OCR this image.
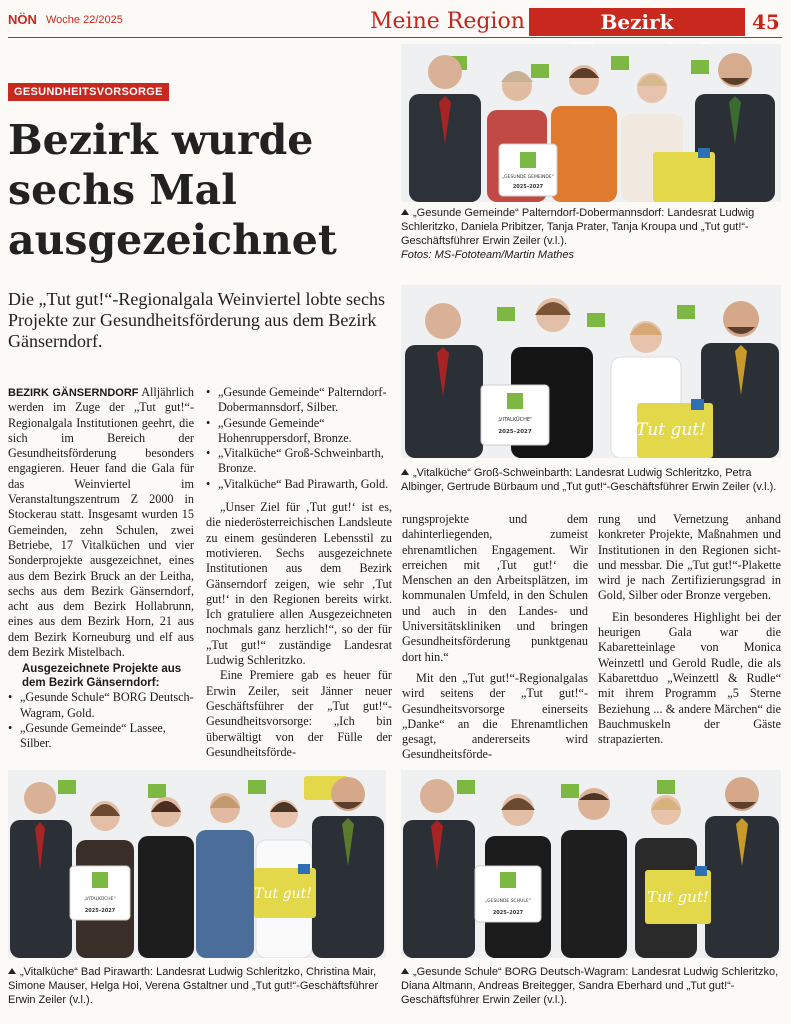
NÖN Woche 22/2025	Meine Region	Bezirk	45
GESUNDHEITSVORSORGE
Bezirk wurde sechs Mal ausgezeichnet

Die „Tut gut!“-Regionalgala Weinviertel lobte sechs Projekte zur Gesundheitsförderung aus dem Bezirk Gänserndorf.

BEZIRK GÄNSERNDORF Alljährlich werden im Zuge der „Tut gut!“-Regionalgala Institutionen geehrt, die sich im Bereich der Gesundheitsförderung besonders engagieren. Heuer fand die Gala für das Weinviertel im Veranstaltungszentrum Z 2000 in Stockerau statt. Insgesamt wurden 15 Gemeinden, zehn Schulen, zwei Betriebe, 17 Vitalküchen und vier Sonderprojekte ausgezeichnet, eines aus dem Bezirk Bruck an der Leitha, sechs aus dem Bezirk Gänserndorf, acht aus dem Bezirk Hollabrunn, eines aus dem Bezirk Horn, 21 aus dem Bezirk Korneuburg und elf aus dem Bezirk Mistelbach.

Ausgezeichnete Projekte aus dem Bezirk Gänserndorf:

• „Gesunde Schule“ BORG Deutsch-Wagram, Gold.
• „Gesunde Gemeinde“ Lassee, Silber.
• „Gesunde Gemeinde“ Palterndorf-Dobermannsdorf, Silber.
• „Gesunde Gemeinde“ Hohenruppersdorf, Bronze.
• „Vitalküche“ Groß-Schweinbarth, Bronze.
• „Vitalküche“ Bad Pirawarth, Gold.

„Unser Ziel für ‚Tut gut!‘ ist es, die niederösterreichischen Landsleute zu einem gesünderen Lebensstil zu motivieren. Sechs ausgezeichnete Institutionen aus dem Bezirk Gänserndorf zeigen, wie sehr ‚Tut gut!‘ in den Regionen bereits wirkt. Ich gratuliere allen Ausgezeichneten nochmals ganz herzlich!“, so der für „Tut gut!“ zuständige Landesrat Ludwig Schleritzko.

Eine Premiere gab es heuer für Erwin Zeiler, seit Jänner neuer Geschäftsführer der „Tut gut!“-Gesundheitsvorsorge: „Ich bin überwältigt von der Fülle der Gesundheitsförde-

rungsprojekte und dem dahinterliegenden, zumeist ehrenamtlichen Engagement. Wir erreichen mit ‚Tut gut!‘ die Menschen an den Arbeitsplätzen, im kommunalen Umfeld, in den Schulen und auch in den Landes- und Universitätskliniken und bringen Gesundheitsförderung punktgenau dort hin.“

Mit den „Tut gut!“-Regionalgalas wird seitens der „Tut gut!“-Gesundheitsvorsorge einerseits „Danke“ an die Ehrenamtlichen gesagt, andererseits wird Gesundheitsförde-

rung und Vernetzung anhand konkreter Projekte, Maßnahmen und Institutionen in den Regionen sicht- und messbar. Die „Tut gut!“-Plakette wird je nach Zertifizierungsgrad in Gold, Silber oder Bronze vergeben.

Ein besonderes Highlight bei der heurigen Gala war die Kabaretteinlage von Monica Weinzettl und Gerold Rudle, die als Kabarettduo „Weinzettl & Rudle“ mit ihrem Programm „5 Sterne Beziehung ... & andere Märchen“ die Bauchmuskeln der Gäste strapazierten.

„GESUNDE GEMEINDE“
2025–2027
„Gesunde Gemeinde“ Palterndorf-Dobermannsdorf: Landesrat Ludwig Schleritzko, Daniela Pribitzer, Tanja Prater, Tanja Kroupa und „Tut gut!“-Geschäftsführer Erwin Zeiler (v.l.).
Fotos: MS-Fototeam/Martin Mathes
„VITALKÜCHE“
2025–2027	Tut gut!
„Vitalküche“ Groß-Schweinbarth: Landesrat Ludwig Schleritzko, Petra Albinger, Gertrude Bürbaum und „Tut gut!“-Geschäftsführer Erwin Zeiler (v.l.).
„VITALKÜCHE“
2025–2027
Tut gut!
„Vitalküche“ Bad Pirawarth: Landesrat Ludwig Schleritzko, Christina Mair, Simone Mauser, Helga Hoi, Verena Gstaltner und „Tut gut!“-Geschäftsführer Erwin Zeiler (v.l.).
„GESUNDE SCHULE“
2025–2027
Tut gut!
„Gesunde Schule“ BORG Deutsch-Wagram: Landesrat Ludwig Schleritzko, Diana Altmann, Andreas Breitegger, Sandra Eberhard und „Tut gut!“-Geschäftsführer Erwin Zeiler (v.l.).
